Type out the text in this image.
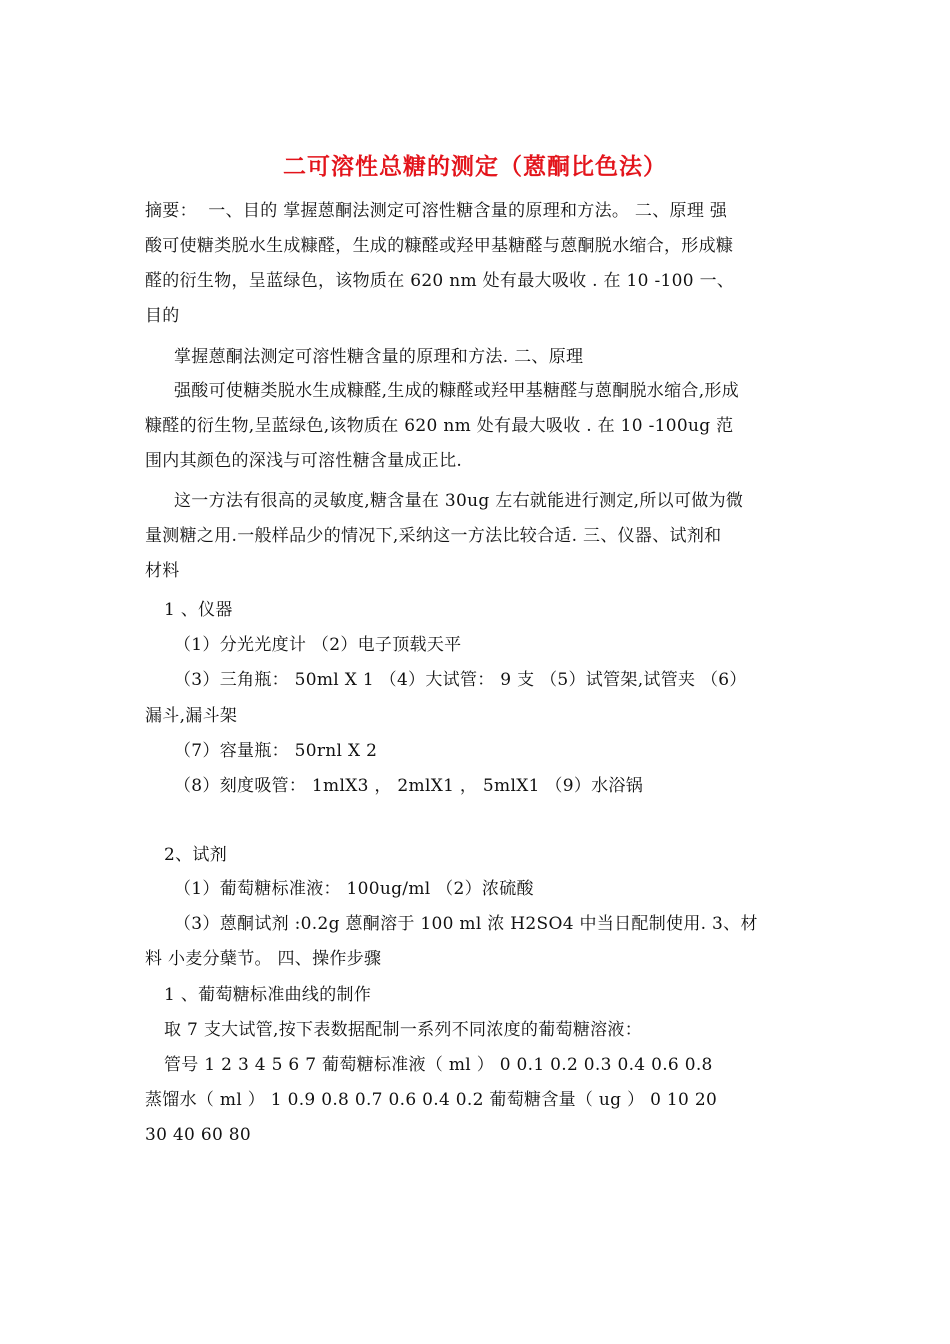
二可溶性总糖的测定（蒽酮比色法）
摘要：  一、目的 掌握蒽酮法测定可溶性糖含量的原理和方法。 二、原理 强
酸可使糖类脱水生成糠醛，生成的糠醛或羟甲基糖醛与蒽酮脱水缩合，形成糠
醛的衍生物，呈蓝绿色，该物质在 620 nm 处有最大吸收 . 在 10 -100 一、
目的
掌握蒽酮法测定可溶性糖含量的原理和方法. 二、原理
强酸可使糖类脱水生成糠醛,生成的糠醛或羟甲基糖醛与蒽酮脱水缩合,形成
糠醛的衍生物,呈蓝绿色,该物质在 620 nm 处有最大吸收 . 在 10 -100ug 范
围内其颜色的深浅与可溶性糖含量成正比.
这一方法有很高的灵敏度,糖含量在 30ug 左右就能进行测定,所以可做为微
量测糖之用.一般样品少的情况下,采纳这一方法比较合适. 三、仪器、试剂和
材料
1 、仪器
（1）分光光度计 （2）电子顶载天平
（3）三角瓶： 50ml X 1 （4）大试管： 9 支 （5）试管架,试管夹 （6）
漏斗,漏斗架
（7）容量瓶： 50rnl X 2
（8）刻度吸管： 1mlX3 ， 2mlX1 ， 5mlX1 （9）水浴锅
2、试剂
（1）葡萄糖标准液： 100ug/ml （2）浓硫酸
（3）蒽酮试剂 :0.2g 蒽酮溶于 100 ml 浓 H2SO4 中当日配制使用. 3、材
料 小麦分蘖节。 四、操作步骤
1 、葡萄糖标准曲线的制作
取 7 支大试管,按下表数据配制一系列不同浓度的葡萄糖溶液：
管号 1 2 3 4 5 6 7 葡萄糖标准液（ ml ） 0 0.1 0.2 0.3 0.4 0.6 0.8
蒸馏水（ ml ） 1 0.9 0.8 0.7 0.6 0.4 0.2 葡萄糖含量（ ug ） 0 10 20
30 40 60 80
